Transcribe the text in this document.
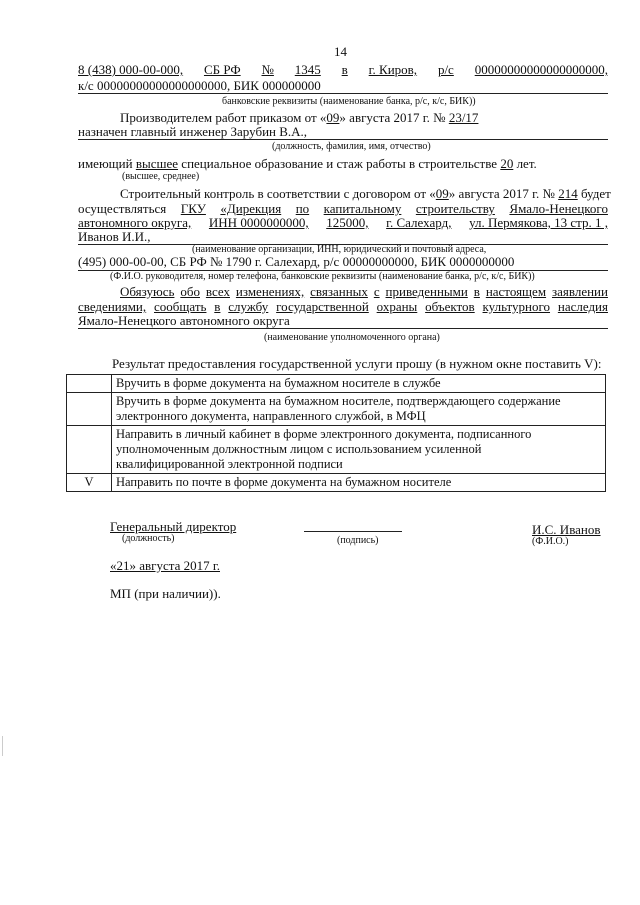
14
8 (438) 000-00-000, СБ РФ № 1345 в г. Киров, р/с 00000000000000000000,
к/с 00000000000000000000, БИК 000000000
банковские реквизиты (наименование банка, р/с, к/с, БИК))
Производителем работ приказом от «09» августа 2017 г. № 23/17
назначен главный инженер Зарубин В.А.,
(должность, фамилия, имя, отчество)
имеющий высшее специальное образование и стаж работы в строительстве 20 лет.
(высшее, среднее)
Строительный контроль в соответствии с договором от «09» августа 2017 г. № 214 будет
осуществляться ГКУ «Дирекция по капитальному строительству Ямало-Ненецкого
автономного округа, ИНН 0000000000, 125000, г. Салехард, ул. Пермякова, 13 стр. 1 ,
Иванов И.И.,
(наименование организации, ИНН, юридический и почтовый адреса,
(495) 000-00-00, СБ РФ № 1790 г. Салехард, р/с 00000000000, БИК 0000000000
(Ф.И.О. руководителя, номер телефона, банковские реквизиты (наименование банка, р/с, к/с, БИК))
Обязуюсь обо всех изменениях, связанных с приведенными в настоящем заявлении
сведениями, сообщать в службу государственной охраны объектов культурного наследия
Ямало-Ненецкого автономного округа
(наименование уполномоченного органа)
Результат предоставления государственной услуги прошу (в нужном окне поставить V):
	Вручить в форме документа на бумажном носителе в службе

	Вручить в форме документа на бумажном носителе, подтверждающего содержание
электронного документа, направленного службой, в МФЦ

	Направить в личный кабинет в форме электронного документа, подписанного
уполномоченным должностным лицом с использованием усиленной
квалифицированной электронной подписи

V	Направить по почте в форме документа на бумажном носителе
Генеральный директор
(должность)	(подпись)
И.С. Иванов
(Ф.И.О.)
«21» августа 2017 г.
МП (при наличии)).
